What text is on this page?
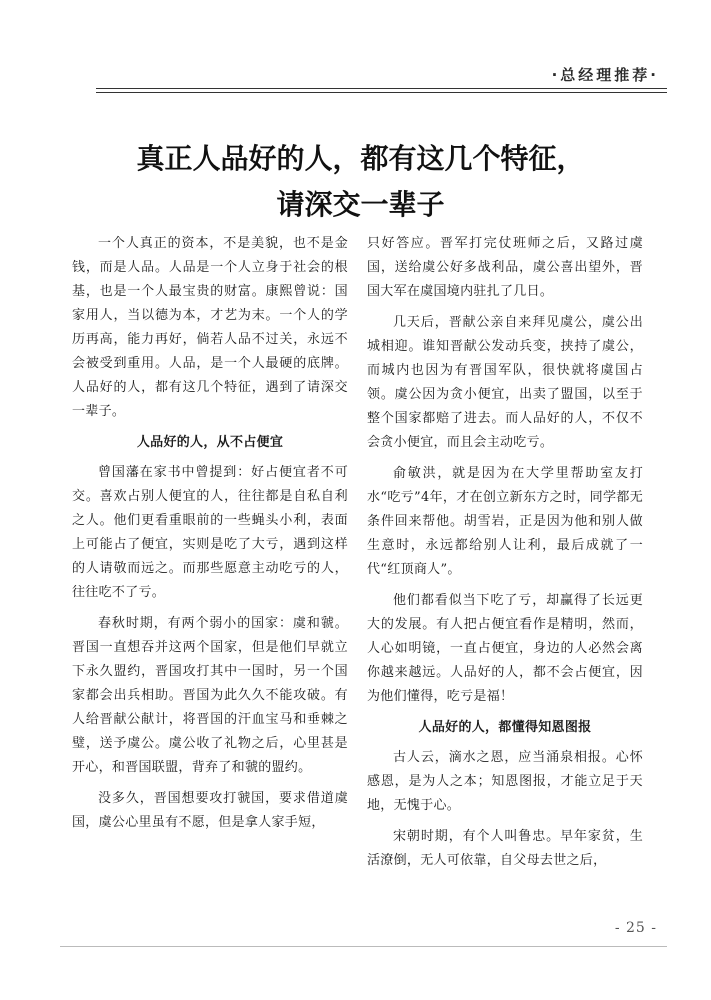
·总经理推荐·
真正人品好的人，都有这几个特征，
请深交一辈子

一个人真正的资本，不是美貌，也不是金钱，而是人品。人品是一个人立身于社会的根基，也是一个人最宝贵的财富。康熙曾说：国家用人，当以德为本，才艺为末。一个人的学历再高，能力再好，倘若人品不过关，永远不会被受到重用。人品，是一个人最硬的底牌。人品好的人，都有这几个特征，遇到了请深交一辈子。

人品好的人，从不占便宜

曾国藩在家书中曾提到：好占便宜者不可交。喜欢占别人便宜的人，往往都是自私自利之人。他们更看重眼前的一些蝇头小利，表面上可能占了便宜，实则是吃了大亏，遇到这样的人请敬而远之。而那些愿意主动吃亏的人，往往吃不了亏。

春秋时期，有两个弱小的国家：虞和虢。晋国一直想吞并这两个国家，但是他们早就立下永久盟约，晋国攻打其中一国时，另一个国家都会出兵相助。晋国为此久久不能攻破。有人给晋献公献计，将晋国的汗血宝马和垂棘之璧，送予虞公。虞公收了礼物之后，心里甚是开心，和晋国联盟，背弃了和虢的盟约。

没多久，晋国想要攻打虢国，要求借道虞国，虞公心里虽有不愿，但是拿人家手短，

只好答应。晋军打完仗班师之后，又路过虞国，送给虞公好多战利品，虞公喜出望外，晋国大军在虞国境内驻扎了几日。

几天后，晋献公亲自来拜见虞公，虞公出城相迎。谁知晋献公发动兵变，挟持了虞公，而城内也因为有晋国军队，很快就将虞国占领。虞公因为贪小便宜，出卖了盟国，以至于整个国家都赔了进去。而人品好的人，不仅不会贪小便宜，而且会主动吃亏。

俞敏洪，就是因为在大学里帮助室友打水“吃亏”4年，才在创立新东方之时，同学都无条件回来帮他。胡雪岩，正是因为他和别人做生意时，永远都给别人让利，最后成就了一代“红顶商人”。

他们都看似当下吃了亏，却赢得了长远更大的发展。有人把占便宜看作是精明，然而，人心如明镜，一直占便宜，身边的人必然会离你越来越远。人品好的人，都不会占便宜，因为他们懂得，吃亏是福！

人品好的人，都懂得知恩图报

古人云，滴水之恩，应当涌泉相报。心怀感恩，是为人之本；知恩图报，才能立足于天地，无愧于心。

宋朝时期，有个人叫鲁忠。早年家贫，生活潦倒，无人可依靠，自父母去世之后，

- 25 -
